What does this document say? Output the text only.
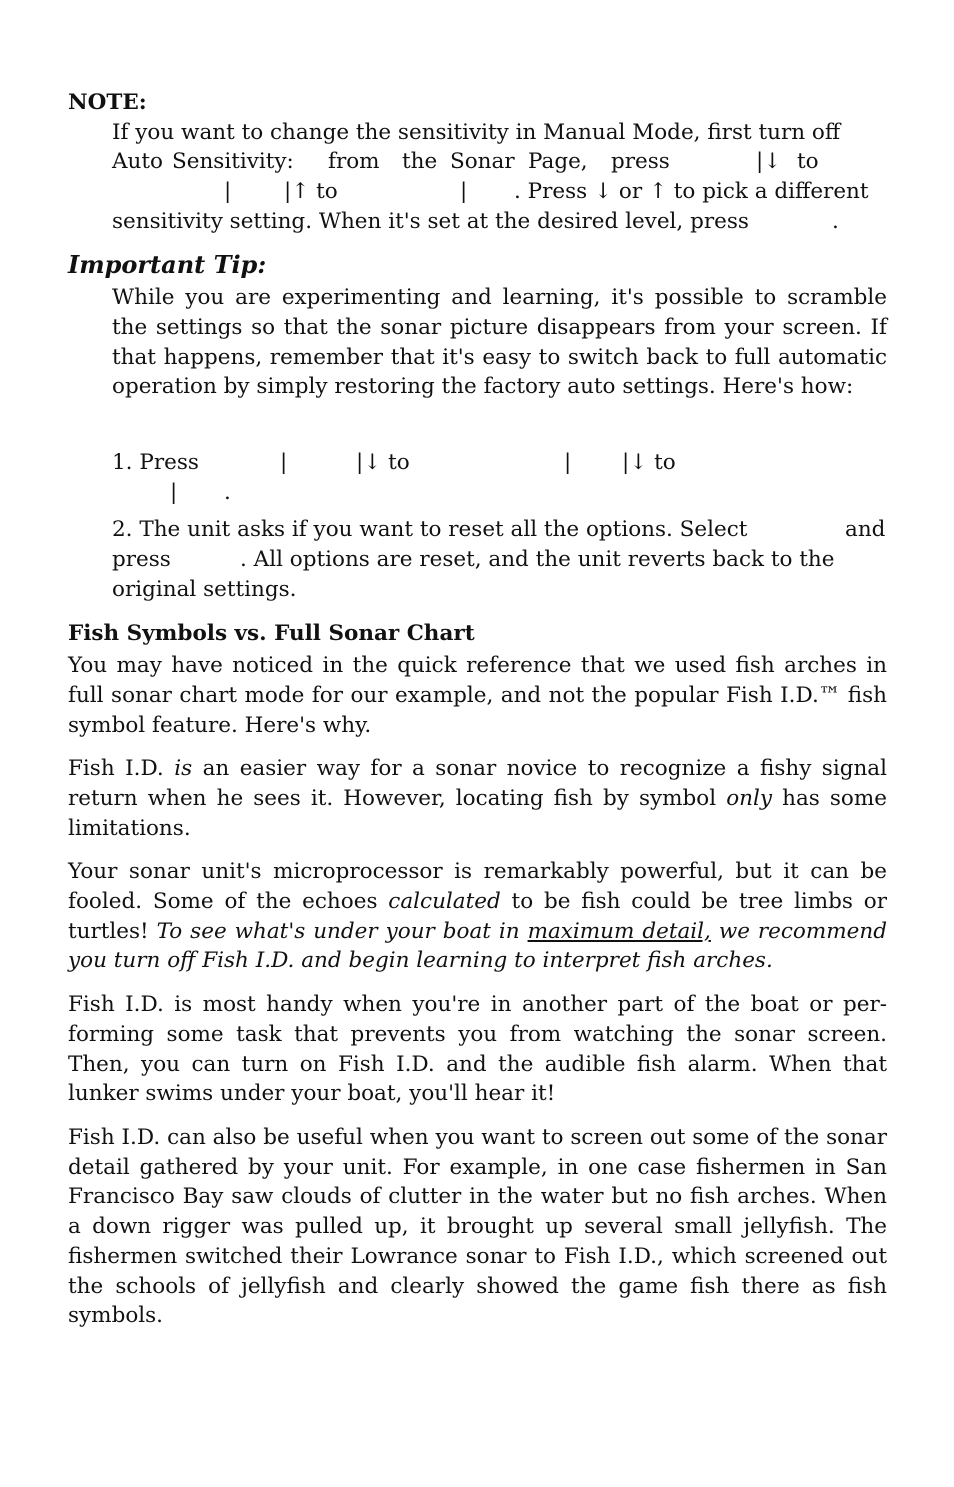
NOTE:

If you want to change the sensitivity in Manual Mode, first turn off

Auto Sensitivity: from the Sonar Page, press	|↓ to
| |↑ to	| . Press ↓ or ↑ to pick a different
sensitivity setting. When it's set at the desired level, press	.

Important Tip:

While you are experimenting and learning, it's possible to scramble the settings so that the sonar picture disappears from your screen. If that happens, remember that it's easy to switch back to full automatic operation by simply restoring the factory auto settings. Here's how:

1. Press	|	|↓ to	| |↓ to
| .
2. The unit asks if you want to reset all the options. Select	and
press	. All options are reset, and the unit reverts back to the

original settings.

Fish Symbols vs. Full Sonar Chart

You may have noticed in the quick reference that we used fish arches in full sonar chart mode for our example, and not the popular Fish I.D.™ fish symbol feature. Here's why.

Fish I.D. is an easier way for a sonar novice to recognize a fishy signal return when he sees it. However, locating fish by symbol only has some limitations.

Your sonar unit's microprocessor is remarkably powerful, but it can be fooled. Some of the echoes calculated to be fish could be tree limbs or turtles! To see what's under your boat in maximum detail, we recommend you turn off Fish I.D. and begin learning to interpret fish arches.

Fish I.D. is most handy when you're in another part of the boat or performing some task that prevents you from watching the sonar screen. Then, you can turn on Fish I.D. and the audible fish alarm. When that lunker swims under your boat, you'll hear it!

Fish I.D. can also be useful when you want to screen out some of the sonar detail gathered by your unit. For example, in one case fishermen in San Francisco Bay saw clouds of clutter in the water but no fish arches. When a down rigger was pulled up, it brought up several small jellyfish. The fishermen switched their Lowrance sonar to Fish I.D., which screened out the schools of jellyfish and clearly showed the game fish there as fish symbols.
